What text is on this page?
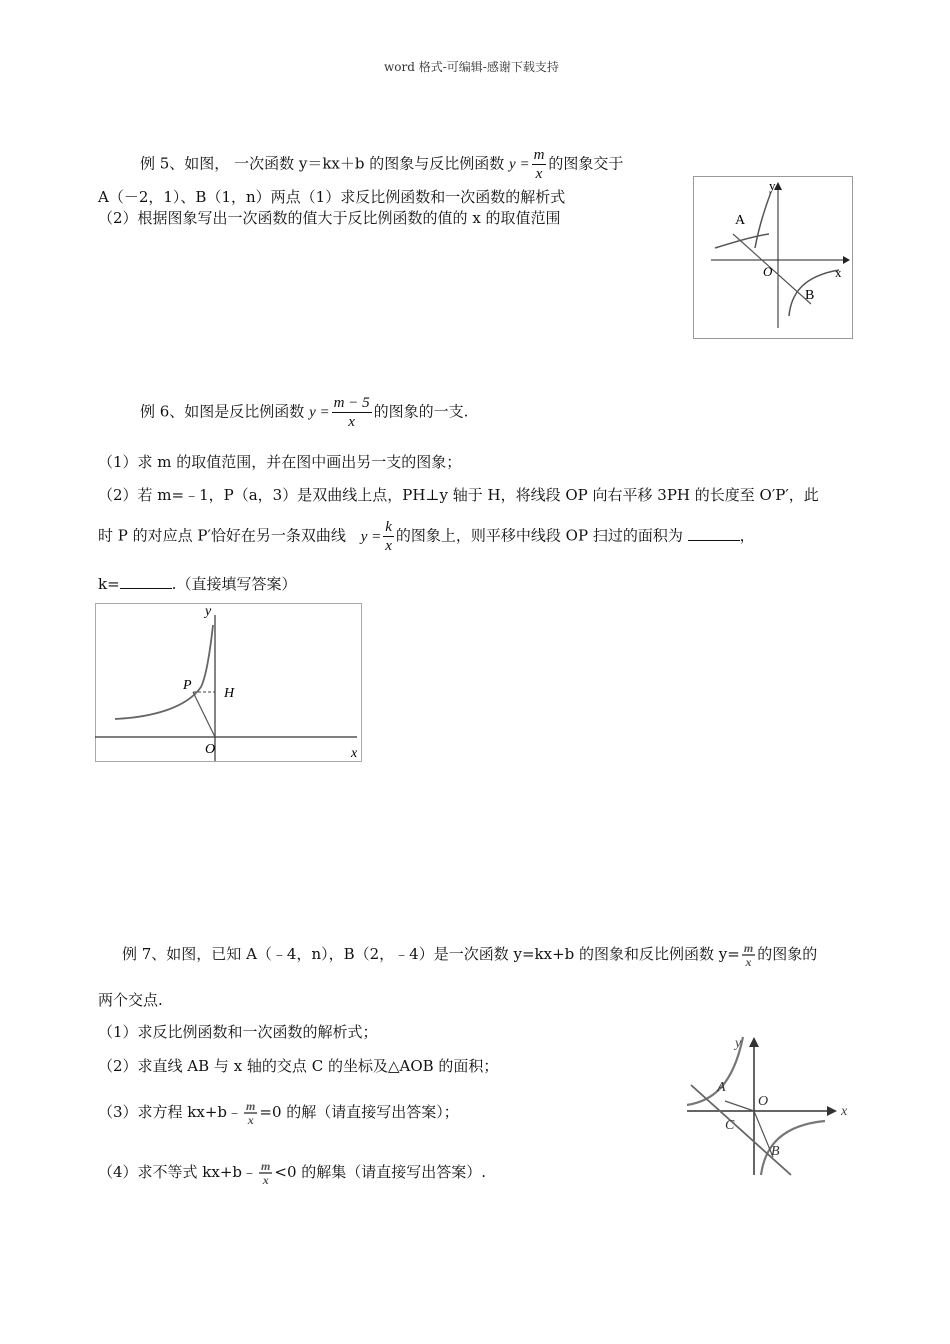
word 格式-可编辑-感谢下载支持
例 5、如图， 一次函数 y＝kx＋b 的图象与反比例函数 $y = \frac{m}{x}$ 的图象交于
A（－2，1）、B（1，n）两点（1）求反比例函数和一次函数的解析式
（2）根据图象写出一次函数的值大于反比例函数的值的 x 的取值范围
y
x
O
A
B
例 6、如图是反比例函数 $y = \frac{m - 5}{x}$ 的图象的一支.
（1）求 m 的取值范围，并在图中画出另一支的图象；
（2）若 m=﹣1，P（a，3）是双曲线上点，PH⊥y 轴于 H，将线段 OP 向右平移 3PH 的长度至 O′P′，此
时 P 的对应点 P′恰好在另一条双曲线 $y = \frac{k}{x}$ 的图象上，则平移中线段 OP 扫过的面积为	，
k=	.（直接填写答案）
y
x
O
P
H
例 7、如图，已知 A（﹣4，n），B（2，﹣4）是一次函数 y=kx+b 的图象和反比例函数 $y= \frac{m}{x}$ 的图象的
两个交点.
（1）求反比例函数和一次函数的解析式；
（2）求直线 AB 与 x 轴的交点 C 的坐标及△AOB 的面积；
（3）求方程 kx+b﹣ $\frac{m}{x} =0$ 的解（请直接写出答案）；
（4）求不等式 kx+b﹣ $\frac{m}{x} <0$ 的解集（请直接写出答案）.
y
x
O
A
C
B
